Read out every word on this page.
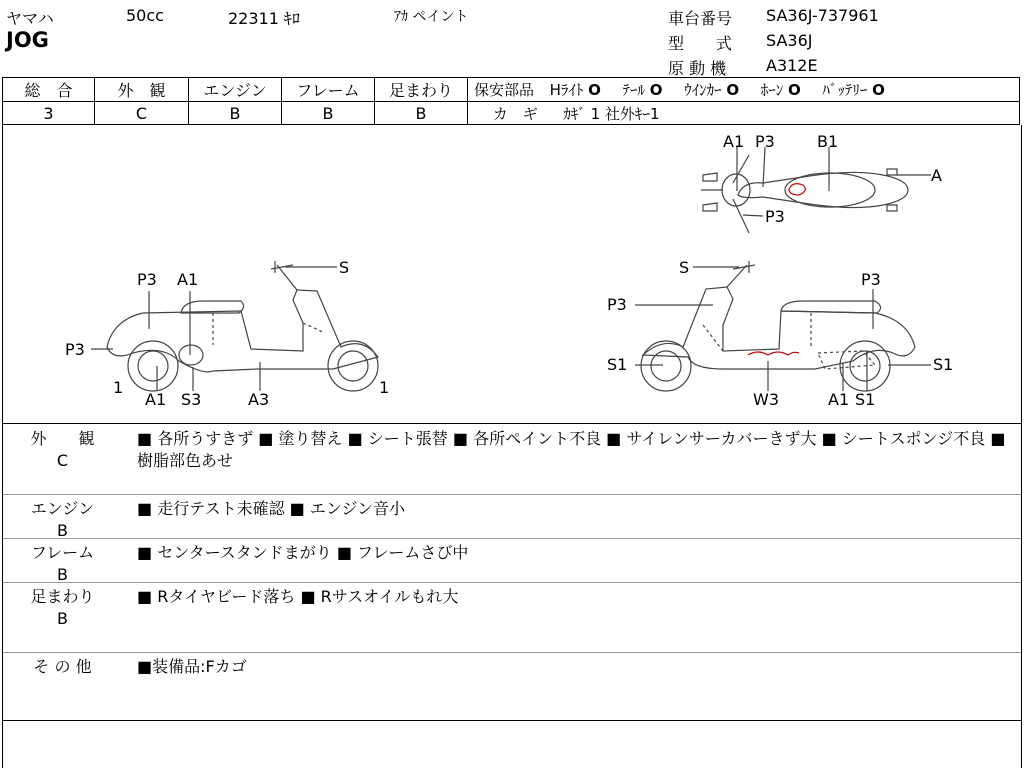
ヤマハ	50cc	22311 ｷﾛ	ｱｶ ペイント
JOG
車台番号 SA36J-737961
型　　式 SA36J
原 動 機 A312E
総　合	外　観	エンジン	フレーム	足まわり	保安部品 Hﾗｲﾄ O ﾃｰﾙ O ｳｲﾝｶｰ O ﾎｰﾝ O ﾊﾞｯﾃﾘｰ O
3	C	B	B	B	カ　ギ ｶｷﾞ 1 社外ｷｰ1
A1 P3	B1
A
P3
S
P3 A1
P3
1
A1 S3	A3
1
S
P3
P3
S1	S1
W3	A1 S1
外　　観
C
■ 各所うすきず ■ 塗り替え ■ シート張替 ■ 各所ペイント不良 ■ サイレンサーカバーきず大 ■ シートスポンジ不良 ■ 樹脂部色あせ
エンジン
B
■ 走行テスト未確認 ■ エンジン音小
フレーム
B
■ センタースタンドまがり ■ フレームさび中
足まわり
B
■ Rタイヤビード落ち ■ Rサスオイルもれ大
そ の 他	■装備品:Fカゴ
